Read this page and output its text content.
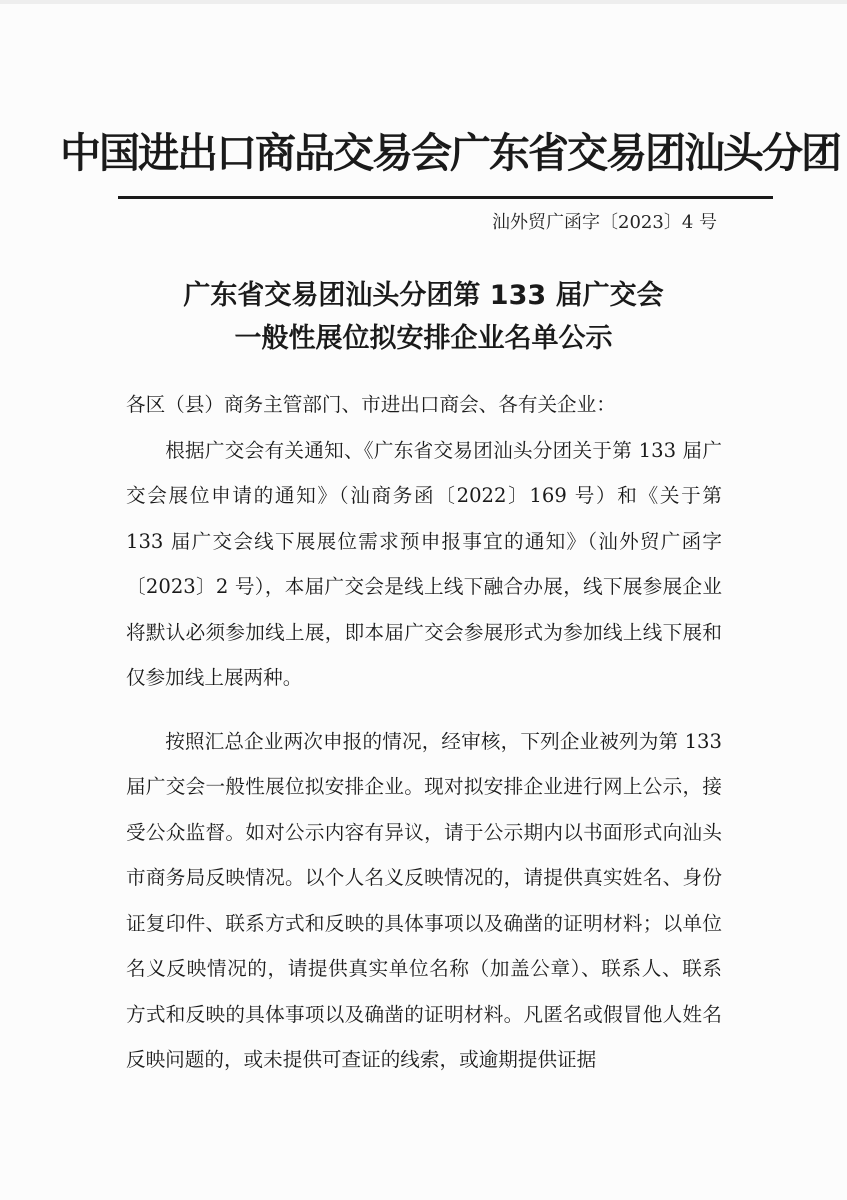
中国进出口商品交易会广东省交易团汕头分团
汕外贸广函字〔2023〕4 号
广东省交易团汕头分团第 133 届广交会
一般性展位拟安排企业名单公示

各区（县）商务主管部门、市进出口商会、各有关企业：

根据广交会有关通知、《广东省交易团汕头分团关于第 133 届广交会展位申请的通知》（汕商务函〔2022〕169 号）和《关于第 133 届广交会线下展展位需求预申报事宜的通知》（汕外贸广函字〔2023〕2 号），本届广交会是线上线下融合办展，线下展参展企业将默认必须参加线上展，即本届广交会参展形式为参加线上线下展和仅参加线上展两种。

按照汇总企业两次申报的情况，经审核，下列企业被列为第 133 届广交会一般性展位拟安排企业。现对拟安排企业进行网上公示，接受公众监督。如对公示内容有异议，请于公示期内以书面形式向汕头市商务局反映情况。以个人名义反映情况的，请提供真实姓名、身份证复印件、联系方式和反映的具体事项以及确凿的证明材料；以单位名义反映情况的，请提供真实单位名称（加盖公章）、联系人、联系方式和反映的具体事项以及确凿的证明材料。凡匿名或假冒他人姓名反映问题的，或未提供可查证的线索，或逾期提供证据
